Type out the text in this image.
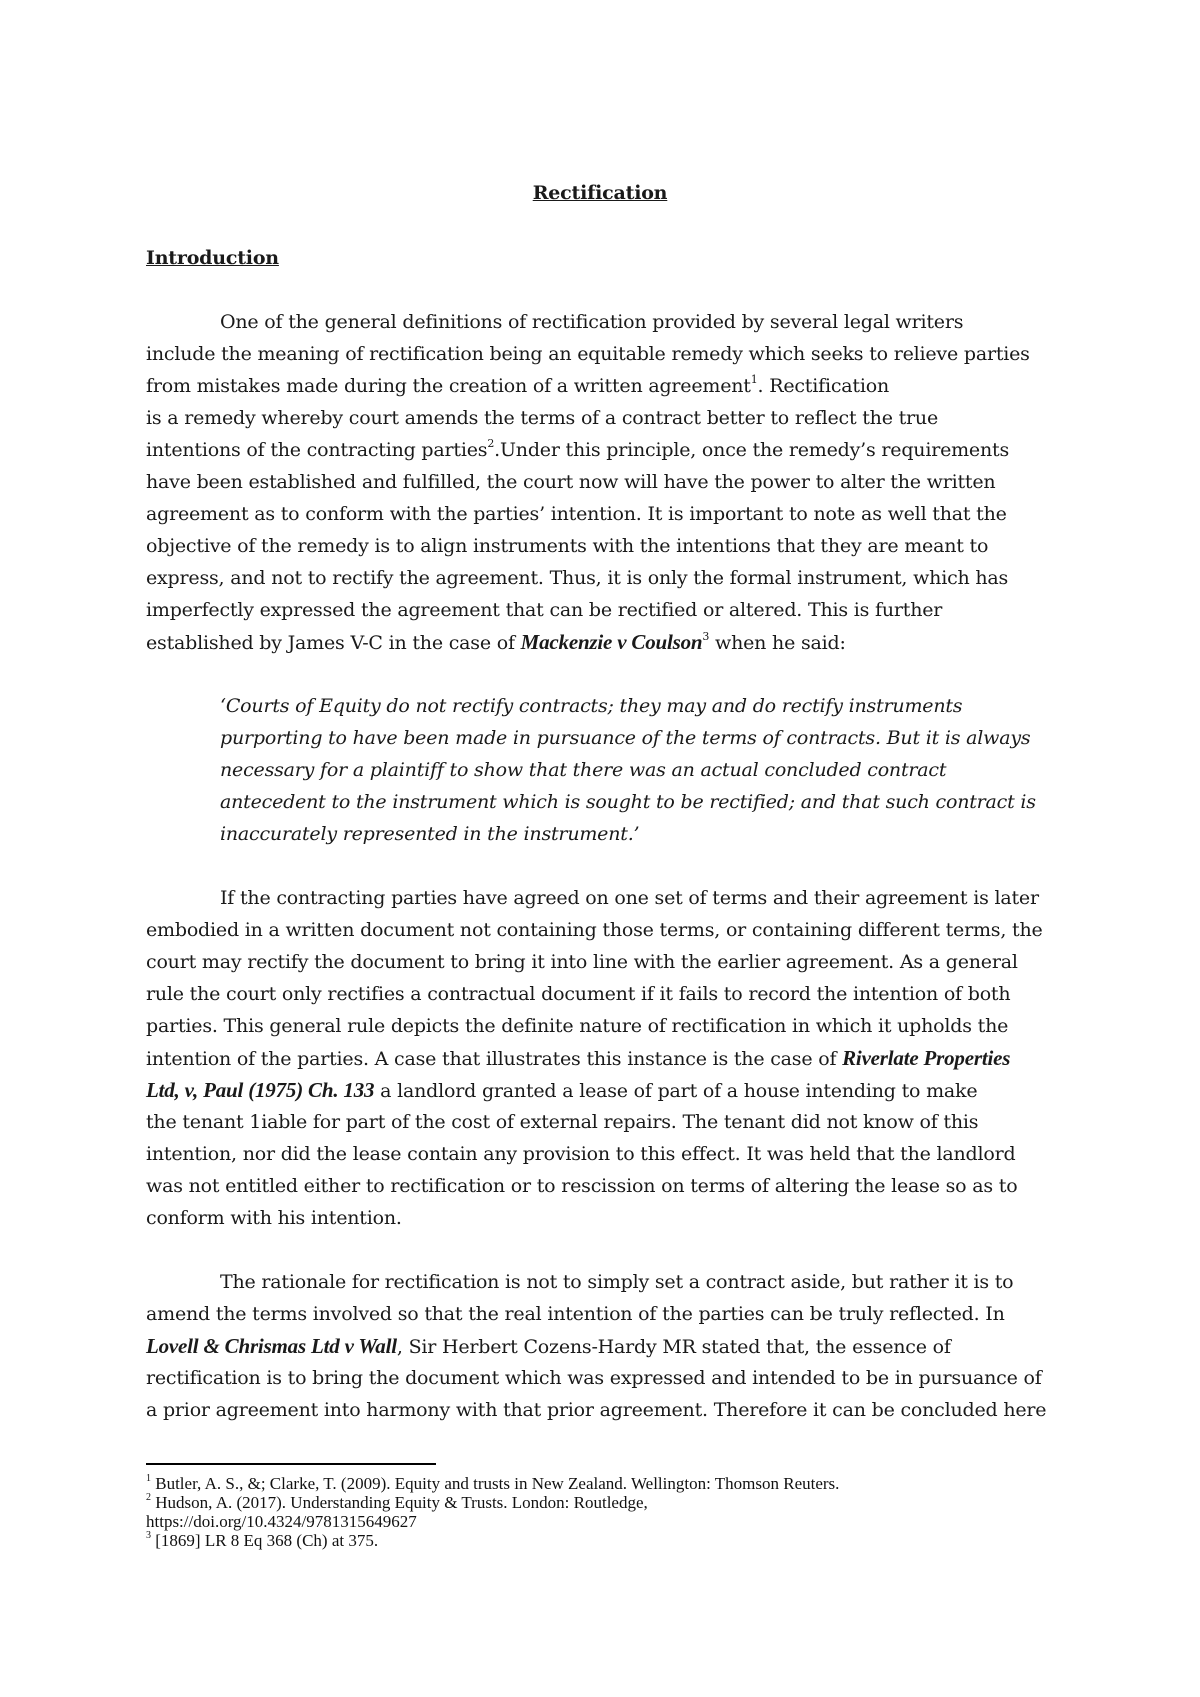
Rectification
Introduction
One of the general definitions of rectification provided by several legal writers
include the meaning of rectification being an equitable remedy which seeks to relieve parties
from mistakes made during the creation of a written agreement$^1$. Rectification
is a remedy whereby court amends the terms of a contract better to reflect the true
intentions of the contracting parties$^2$.Under this principle, once the remedy’s requirements
have been established and fulfilled, the court now will have the power to alter the written
agreement as to conform with the parties’ intention. It is important to note as well that the
objective of the remedy is to align instruments with the intentions that they are meant to
express, and not to rectify the agreement. Thus, it is only the formal instrument, which has
imperfectly expressed the agreement that can be rectified or altered. This is further
established by James V-C in the case of Mackenzie v Coulson$^3$ when he said:
‘Courts of Equity do not rectify contracts; they may and do rectify instruments
purporting to have been made in pursuance of the terms of contracts. But it is always
necessary for a plaintiff to show that there was an actual concluded contract
antecedent to the instrument which is sought to be rectified; and that such contract is
inaccurately represented in the instrument.’
If the contracting parties have agreed on one set of terms and their agreement is later
embodied in a written document not containing those terms, or containing different terms, the
court may rectify the document to bring it into line with the earlier agreement. As a general
rule the court only rectifies a contractual document if it fails to record the intention of both
parties. This general rule depicts the definite nature of rectification in which it upholds the
intention of the parties. A case that illustrates this instance is the case of Riverlate Properties
Ltd, v, Paul (1975) Ch. 133 a landlord granted a lease of part of a house intending to make
the tenant 1iable for part of the cost of external repairs. The tenant did not know of this
intention, nor did the lease contain any provision to this effect. It was held that the landlord
was not entitled either to rectification or to rescission on terms of altering the lease so as to
conform with his intention.
The rationale for rectification is not to simply set a contract aside, but rather it is to
amend the terms involved so that the real intention of the parties can be truly reflected. In
Lovell & Chrismas Ltd v Wall, Sir Herbert Cozens-Hardy MR stated that, the essence of
rectification is to bring the document which was expressed and intended to be in pursuance of
a prior agreement into harmony with that prior agreement. Therefore it can be concluded here
$^1$ Butler, A. S., &; Clarke, T. (2009). Equity and trusts in New Zealand. Wellington: Thomson Reuters.
$^2$ Hudson, A. (2017). Understanding Equity & Trusts. London: Routledge,
https://doi.org/10.4324/9781315649627
$^3$ [1869] LR 8 Eq 368 (Ch) at 375.
